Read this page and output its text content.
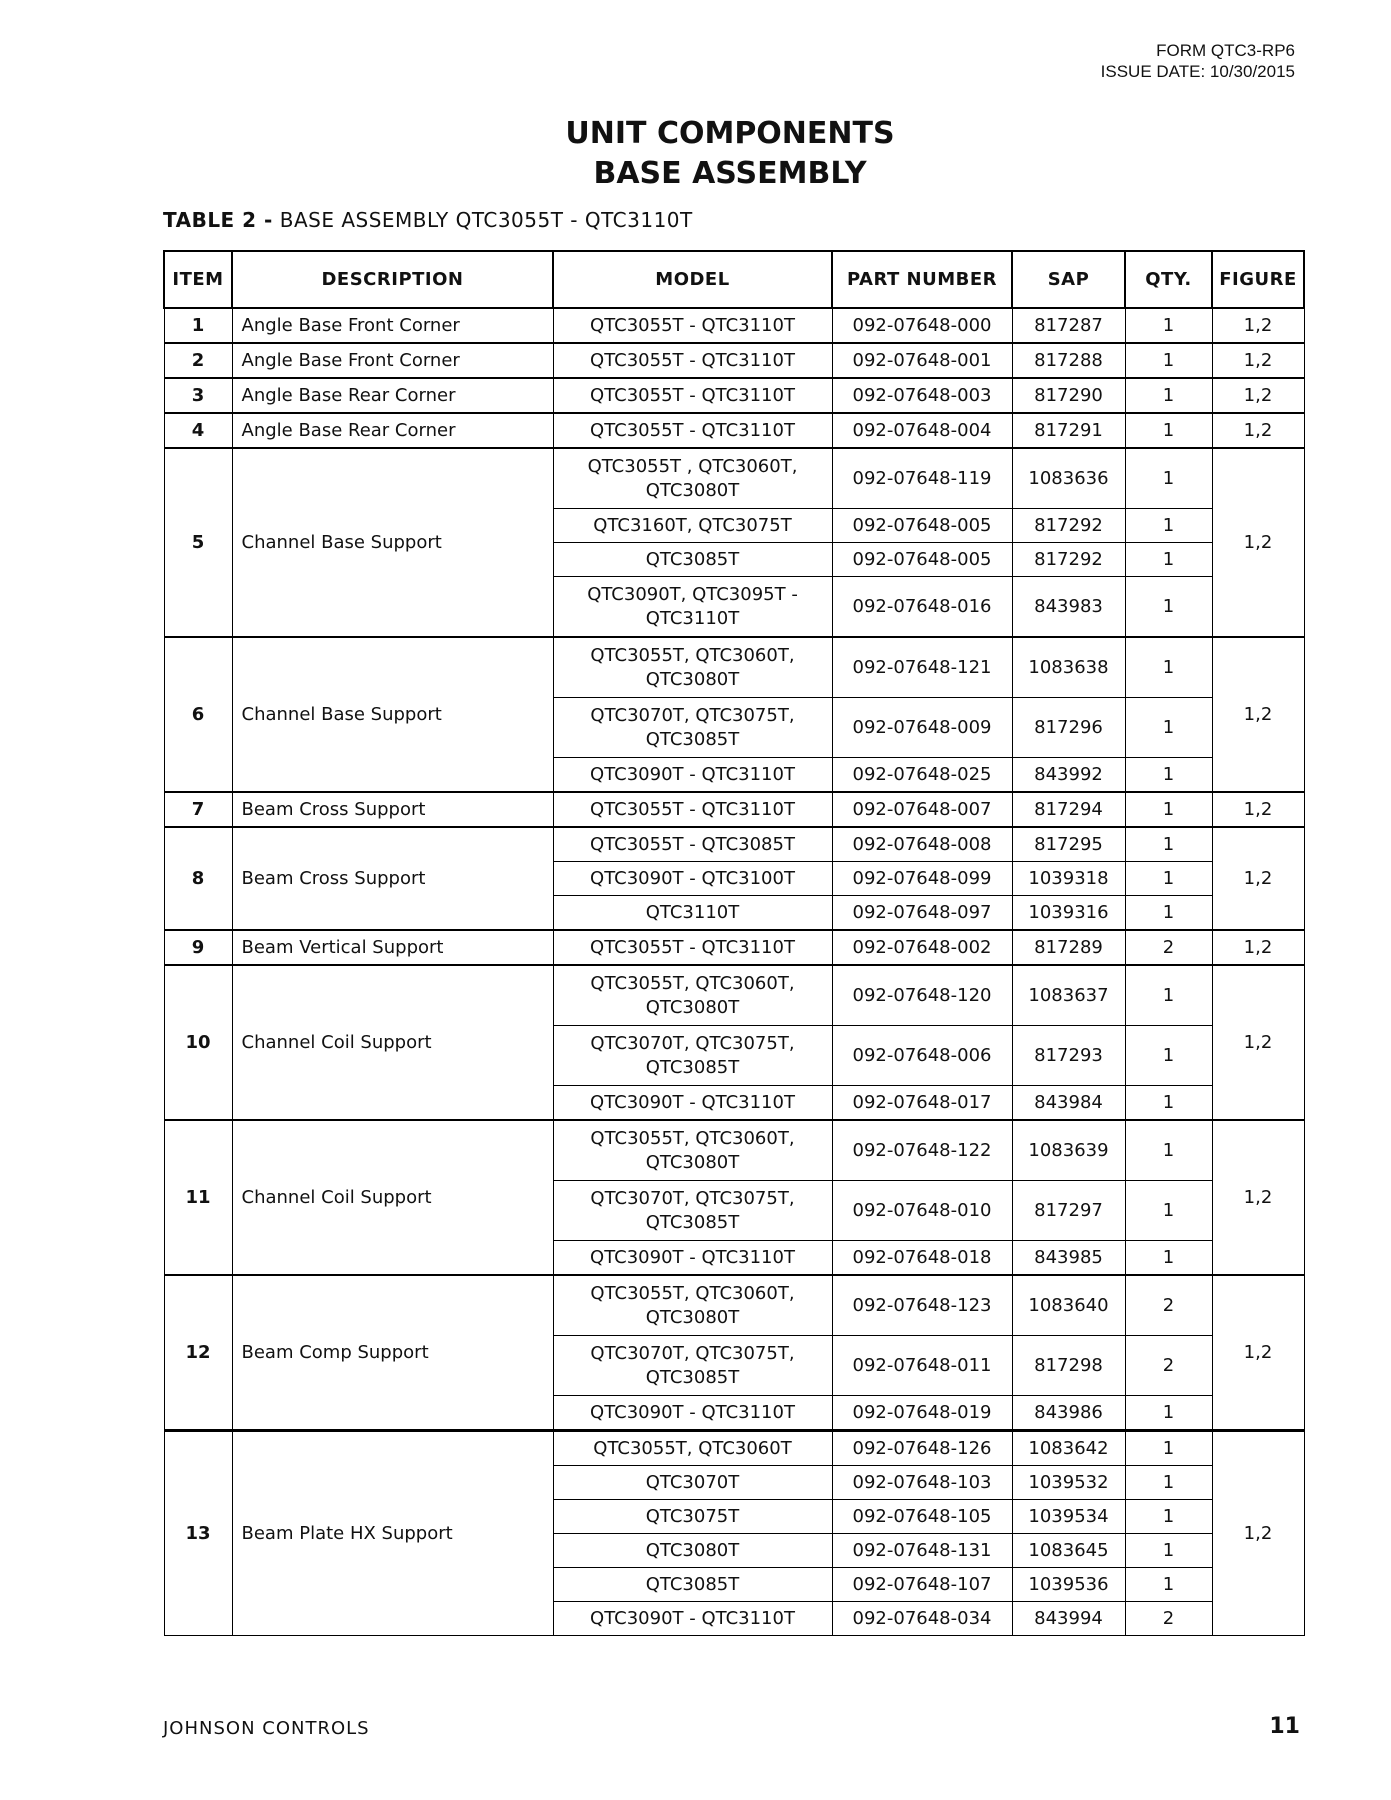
FORM QTC3-RP6
ISSUE DATE: 10/30/2015
UNIT COMPONENTS
BASE ASSEMBLY
TABLE 2 - BASE ASSEMBLY QTC3055T - QTC3110T
ITEM	DESCRIPTION	MODEL	PART NUMBER	SAP	QTY.	FIGURE
1	Angle Base Front Corner	QTC3055T - QTC3110T	092-07648-000	817287	1	1,2
2	Angle Base Front Corner	QTC3055T - QTC3110T	092-07648-001	817288	1	1,2
3	Angle Base Rear Corner	QTC3055T - QTC3110T	092-07648-003	817290	1	1,2
4	Angle Base Rear Corner	QTC3055T - QTC3110T	092-07648-004	817291	1	1,2
5	Channel Base Support	QTC3055T , QTC3060T, QTC3080T	092-07648-119	1083636	1	1,2
		QTC3160T, QTC3075T	092-07648-005	817292	1	
		QTC3085T	092-07648-005	817292	1	
		QTC3090T, QTC3095T - QTC3110T	092-07648-016	843983	1	
6	Channel Base Support	QTC3055T, QTC3060T, QTC3080T	092-07648-121	1083638	1	1,2
		QTC3070T, QTC3075T, QTC3085T	092-07648-009	817296	1	
		QTC3090T - QTC3110T	092-07648-025	843992	1	
7	Beam Cross Support	QTC3055T - QTC3110T	092-07648-007	817294	1	1,2
8	Beam Cross Support	QTC3055T - QTC3085T	092-07648-008	817295	1	1,2
		QTC3090T - QTC3100T	092-07648-099	1039318	1	
		QTC3110T	092-07648-097	1039316	1	
9	Beam Vertical Support	QTC3055T - QTC3110T	092-07648-002	817289	2	1,2
10	Channel Coil Support	QTC3055T, QTC3060T, QTC3080T	092-07648-120	1083637	1	1,2
		QTC3070T, QTC3075T, QTC3085T	092-07648-006	817293	1	
		QTC3090T - QTC3110T	092-07648-017	843984	1	
11	Channel Coil Support	QTC3055T, QTC3060T, QTC3080T	092-07648-122	1083639	1	1,2
		QTC3070T, QTC3075T, QTC3085T	092-07648-010	817297	1	
		QTC3090T - QTC3110T	092-07648-018	843985	1	
12	Beam Comp Support	QTC3055T, QTC3060T, QTC3080T	092-07648-123	1083640	2	1,2
		QTC3070T, QTC3075T, QTC3085T	092-07648-011	817298	2	
		QTC3090T - QTC3110T	092-07648-019	843986	1	
13	Beam Plate HX Support	QTC3055T, QTC3060T	092-07648-126	1083642	1	1,2
		QTC3070T	092-07648-103	1039532	1	
		QTC3075T	092-07648-105	1039534	1	
		QTC3080T	092-07648-131	1083645	1	
		QTC3085T	092-07648-107	1039536	1	
		QTC3090T - QTC3110T	092-07648-034	843994	2	
JOHNSON CONTROLS	11
